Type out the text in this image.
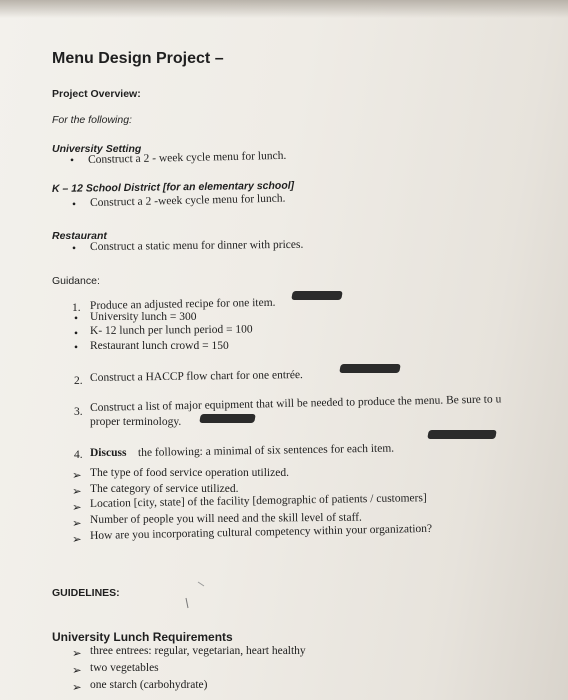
Menu Design Project –
Project Overview:
For the following:
University Setting
• Construct a 2 - week cycle menu for lunch.
K – 12 School District [for an elementary school]
• Construct a 2 -week cycle menu for lunch.
Restaurant
• Construct a static menu for dinner with prices.
Guidance:
1. Produce an adjusted recipe for one item.
• University lunch = 300
• K- 12 lunch per lunch period = 100
• Restaurant lunch crowd = 150
2. Construct a HACCP flow chart for one entrée.
3. Construct a list of major equipment that will be needed to produce the menu. Be sure to u
proper terminology.
4. Discuss the following: a minimal of six sentences for each item.
➢ The type of food service operation utilized.
➢ The category of service utilized.
➢ Location [city, state] of the facility [demographic of patients / customers]
➢ Number of people you will need and the skill level of staff.
➢ How are you incorporating cultural competency within your organization?
GUIDELINES:
University Lunch Requirements
➢ three entrees: regular, vegetarian, heart healthy
➢ two vegetables
➢ one starch (carbohydrate)
